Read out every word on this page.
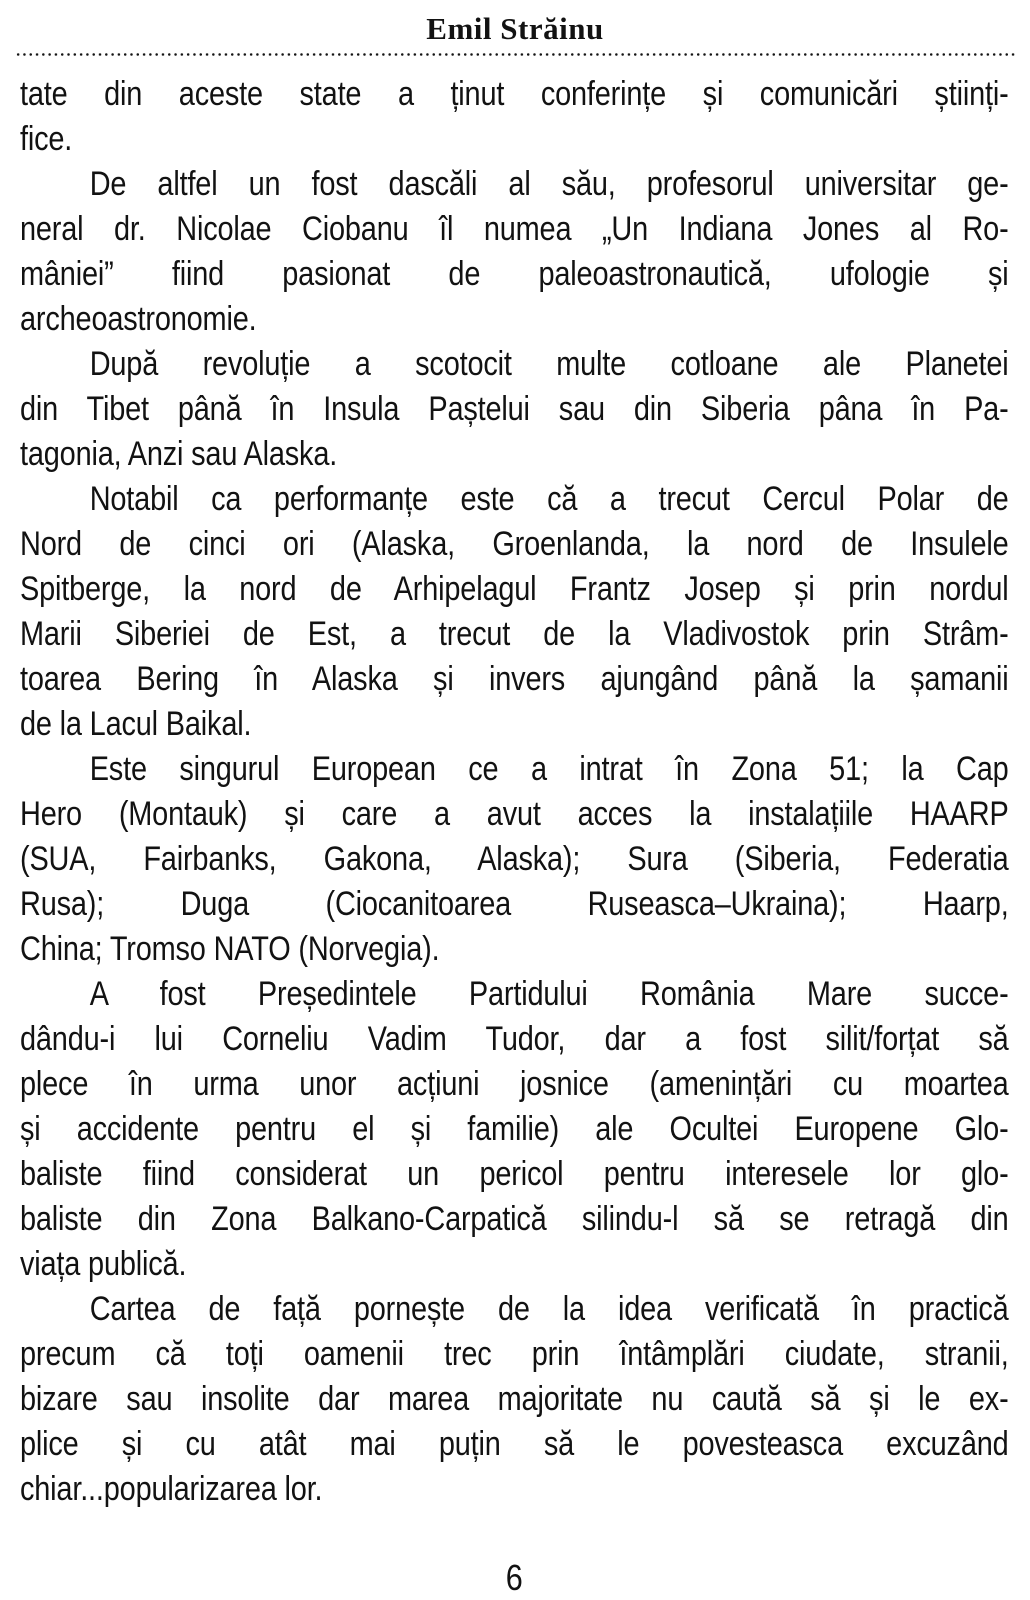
Emil Străinu
tate din aceste state a ținut conferințe și comunicări științi-
fice.
De altfel un fost dascăli al său, profesorul universitar ge-
neral dr. Nicolae Ciobanu îl numea „Un Indiana Jones al Ro-
mâniei” fiind pasionat de paleoastronautică, ufologie și
archeoastronomie.
După revoluție a scotocit multe cotloane ale Planetei
din Tibet până în Insula Paștelui sau din Siberia pâna în Pa-
tagonia, Anzi sau Alaska.
Notabil ca performanțe este că a trecut Cercul Polar de
Nord de cinci ori (Alaska, Groenlanda, la nord de Insulele
Spitberge, la nord de Arhipelagul Frantz Josep și prin nordul
Marii Siberiei de Est, a trecut de la Vladivostok prin Strâm-
toarea Bering în Alaska și invers ajungând până la șamanii
de la Lacul Baikal.
Este singurul European ce a intrat în Zona 51; la Cap
Hero (Montauk) și care a avut acces la instalațiile HAARP
(SUA, Fairbanks, Gakona, Alaska); Sura (Siberia, Federatia
Rusa); Duga (Ciocanitoarea Ruseasca–Ukraina); Haarp,
China; Tromso NATO (Norvegia).
A fost Președintele Partidului România Mare succe-
dându-i lui Corneliu Vadim Tudor, dar a fost silit/forțat să
plece în urma unor acțiuni josnice (amenințări cu moartea
și accidente pentru el și familie) ale Ocultei Europene Glo-
baliste fiind considerat un pericol pentru interesele lor glo-
baliste din Zona Balkano-Carpatică silindu-l să se retragă din
viața publică.
Cartea de față pornește de la idea verificată în practică
precum că toți oamenii trec prin întâmplări ciudate, stranii,
bizare sau insolite dar marea majoritate nu caută să și le ex-
plice și cu atât mai puțin să le povesteasca excuzând
chiar...popularizarea lor.
6
